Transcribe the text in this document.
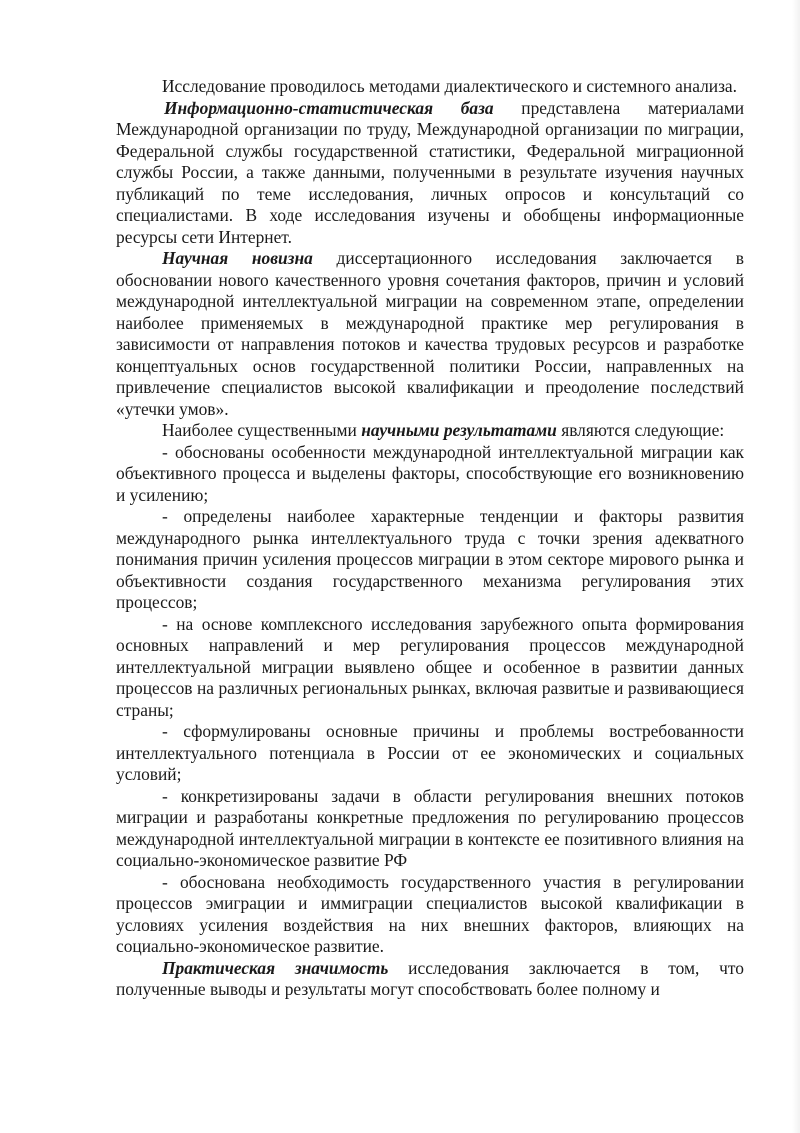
Исследование проводилось методами диалектического и системного анализа.

Информационно-статистическая база представлена материалами Международной организации по труду, Международной организации по миграции, Федеральной службы государственной статистики, Федеральной миграционной службы России, а также данными, полученными в результате изучения научных публикаций по теме исследования, личных опросов и консультаций со специалистами. В ходе исследования изучены и обобщены информационные ресурсы сети Интернет.

Научная новизна диссертационного исследования заключается в обосновании нового качественного уровня сочетания факторов, причин и условий международной интеллектуальной миграции на современном этапе, определении наиболее применяемых в международной практике мер регулирования в зависимости от направления потоков и качества трудовых ресурсов и разработке концептуальных основ государственной политики России, направленных на привлечение специалистов высокой квалификации и преодоление последствий «утечки умов».

Наиболее существенными научными результатами являются следующие:

- обоснованы особенности международной интеллектуальной миграции как объективного процесса и выделены факторы, способствующие его возникновению и усилению;

- определены наиболее характерные тенденции и факторы развития международного рынка интеллектуального труда с точки зрения адекватного понимания причин усиления процессов миграции в этом секторе мирового рынка и объективности создания государственного механизма регулирования этих процессов;

- на основе комплексного исследования зарубежного опыта формирования основных направлений и мер регулирования процессов международной интеллектуальной миграции выявлено общее и особенное в развитии данных процессов на различных региональных рынках, включая развитые и развивающиеся страны;

- сформулированы основные причины и проблемы востребованности интеллектуального потенциала в России от ее экономических и социальных условий;

- конкретизированы задачи в области регулирования внешних потоков миграции и разработаны конкретные предложения по регулированию процессов международной интеллектуальной миграции в контексте ее позитивного влияния на социально-экономическое развитие РФ

- обоснована необходимость государственного участия в регулировании процессов эмиграции и иммиграции специалистов высокой квалификации в условиях усиления воздействия на них внешних факторов, влияющих на социально-экономическое развитие.

Практическая значимость исследования заключается в том, что полученные выводы и результаты могут способствовать более полному и
